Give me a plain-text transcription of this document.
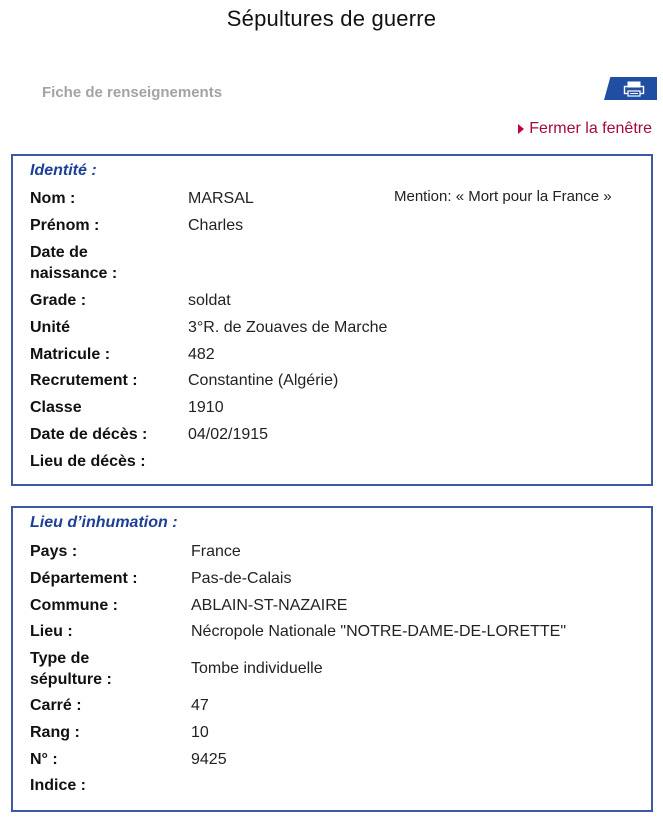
Sépultures de guerre
Fiche de renseignements
Fermer la fenêtre
Identité :
Mention: « Mort pour la France »
Nom :	MARSAL
Prénom :	Charles
Date de naissance :
Grade :	soldat
Unité	3°R. de Zouaves de Marche
Matricule :	482
Recrutement :	Constantine (Algérie)
Classe	1910
Date de décès :	04/02/1915
Lieu de décès :
Lieu d’inhumation :
Pays :	France
Département :	Pas-de-Calais
Commune :	ABLAIN-ST-NAZAIRE
Lieu :	Nécropole Nationale "NOTRE-DAME-DE-LORETTE"
Type de sépulture :
Tombe individuelle
Carré :	47
Rang :	10
N° :	9425
Indice :
